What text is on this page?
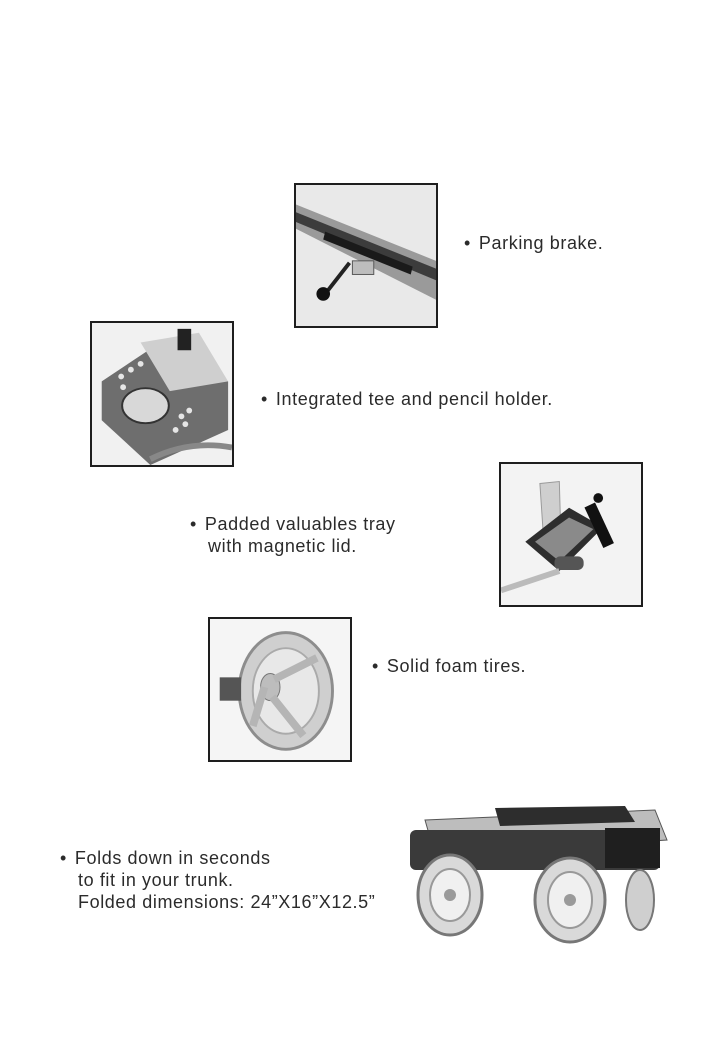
• Parking brake.
• Integrated tee and pencil holder.
• Padded valuables tray
with magnetic lid.
• Solid foam tires.
• Folds down in seconds
to fit in your trunk.
Folded dimensions: 24”X16”X12.5”
